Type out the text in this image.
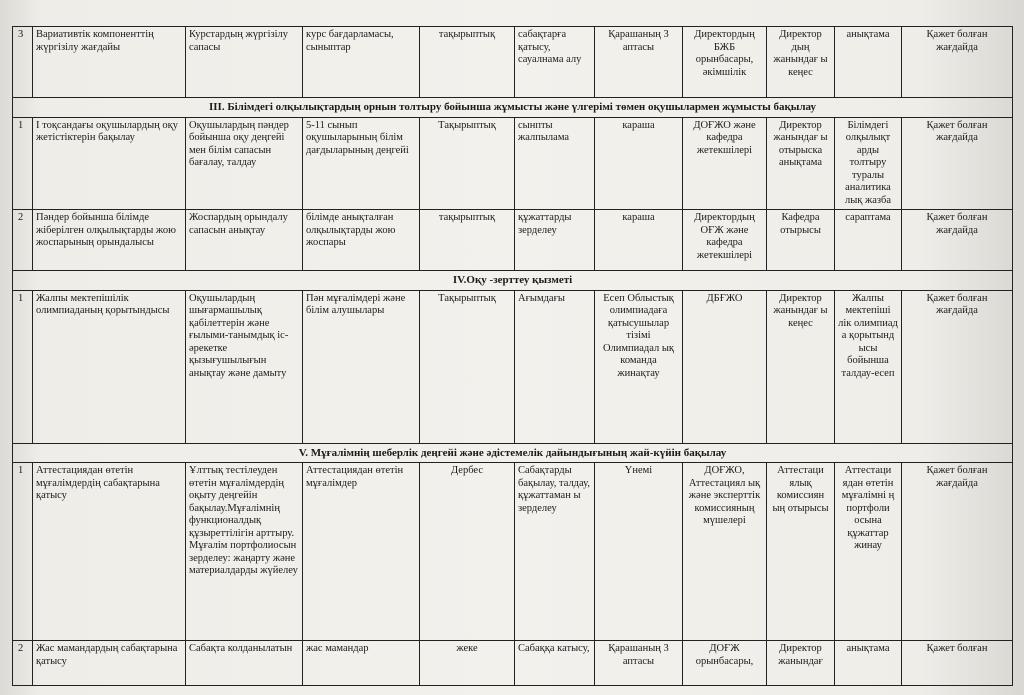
3	Вариативтік компоненттің жүргізілу жағдайы	Курстардың жүргізілу сапасы	курс бағдарламасы, сыныптар	тақырыптық	сабақтарға қатысу, сауалнама алу	Қарашаның 3 аптасы	Директордың БЖБ орынбасары, әкімшілік	Директор дың жанындағ ы кеңес	анықтама	Қажет болған жағдайда
ІІІ. Білімдегі олқылықтардың орнын толтыру бойынша жұмысты және үлгерімі төмен оқушылармен жұмысты бақылау										
1	І тоқсандағы оқушылардың оқу жетістіктерін бақылау	Оқушылардың пәндер бойынша оқу деңгейі мен білім сапасын бағалау, талдау	5-11 сынып оқушыларының білім дағдыларының деңгейі	Тақырыптық	сынпты жалпылама	караша	ДОҒЖО және кафедра жетекшілері	Директор жанындағ ы отырыска анықтама	Білімдегі олқылықт арды толтыру туралы аналитика лық жазба	Қажет болған жағдайда
2	Пәндер бойынша білімде жіберілген олқылықтарды жою жоспарының орындалысы	Жоспардың орындалу сапасын анықтау	білімде анықталған олқылықтарды жою жоспары	тақырыптық	құжаттарды зерделеу	караша	Директордың ОҒЖ және кафедра жетекшілері	Кафедра отырысы	сараптама	Қажет болған жағдайда
IV.Оқу -зерттеу қызметі										
1	Жалпы мектепішілік олимпиаданың қорытындысы	Оқушылардың шығармашылық қабілеттерін және ғылыми-танымдық іс-әрекетке қызығушылығын анықтау және дамыту	Пән мұғалімдері және білім алушылары	Тақырыптық	Ағымдағы	Есеп Облыстық олимпиадаға қатысушылар тізімі Олимпиадал ық команда жинақтау	ДБҒЖО	Директор жанындағ ы кеңес	Жалпы мектепіші лік олимпиад а қорытынд ысы бойынша талдау-есеп	Қажет болған жағдайда
V. Мұғалімнің шеберлік деңгейі және әдістемелік дайындығының жай-күйін бақылау										
1	Аттестациядан өтетін мұғалімдердің сабақтарына қатысу	Ұлттық тестілеуден өтетін мұғалімдердің оқыту деңгейін бақылау.Мұғалімнің функционалдық құзыреттілігін арттыру. Мұғалім портфолиосын зерделеу: жаңарту және материалдарды жүйелеу	Аттестациядан өтетін мұғалімдер	Дербес	Сабақтарды бақылау, талдау, құжаттаман ы зерделеу	Үнемі	ДОҒЖО, Аттестациял ық және эксперттік комиссияның мүшелері	Аттестаци ялық комиссиян ың отырысы	Аттестаци ядан өтетін мұғалімні ң портфоли осына құжаттар жинау	Қажет болған жағдайда
2	Жас мамандардың сабақтарына қатысу	Сабақта колданылатын	жас мамандар	жеке	Сабаққа катысу,	Қарашаның 3 аптасы	ДОҒЖ орынбасары,	Директор жанындағ	анықтама	Қажет болған
